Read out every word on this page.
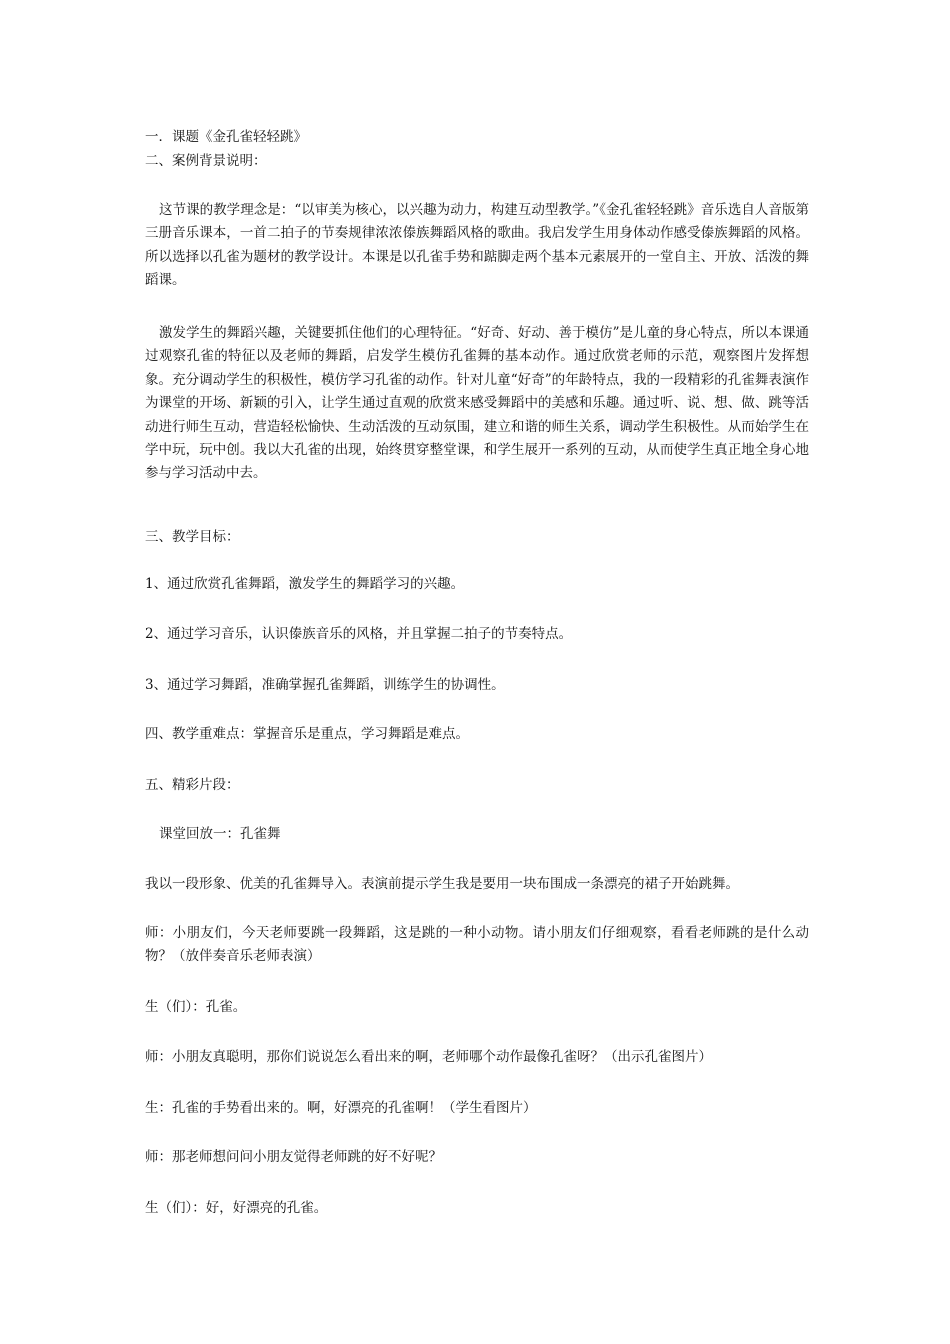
一．课题《金孔雀轻轻跳》
二、案例背景说明：
这节课的教学理念是：“以审美为核心，以兴趣为动力，构建互动型教学。”《金孔雀轻轻跳》音乐选自人音版第三册音乐课本，一首二拍子的节奏规律浓浓傣族舞蹈风格的歌曲。我启发学生用身体动作感受傣族舞蹈的风格。所以选择以孔雀为题材的教学设计。本课是以孔雀手势和踮脚走两个基本元素展开的一堂自主、开放、活泼的舞蹈课。
激发学生的舞蹈兴趣，关键要抓住他们的心理特征。“好奇、好动、善于模仿”是儿童的身心特点，所以本课通过观察孔雀的特征以及老师的舞蹈，启发学生模仿孔雀舞的基本动作。通过欣赏老师的示范，观察图片发挥想象。充分调动学生的积极性，模仿学习孔雀的动作。针对儿童“好奇”的年龄特点，我的一段精彩的孔雀舞表演作为课堂的开场、新颖的引入，让学生通过直观的欣赏来感受舞蹈中的美感和乐趣。通过听、说、想、做、跳等活动进行师生互动，营造轻松愉快、生动活泼的互动氛围，建立和谐的师生关系，调动学生积极性。从而始学生在学中玩，玩中创。我以大孔雀的出现，始终贯穿整堂课，和学生展开一系列的互动，从而使学生真正地全身心地参与学习活动中去。
三、教学目标：
1、通过欣赏孔雀舞蹈，激发学生的舞蹈学习的兴趣。
2、通过学习音乐，认识傣族音乐的风格，并且掌握二拍子的节奏特点。
3、通过学习舞蹈，准确掌握孔雀舞蹈，训练学生的协调性。
四、教学重难点：掌握音乐是重点，学习舞蹈是难点。
五、精彩片段：
课堂回放一：孔雀舞
我以一段形象、优美的孔雀舞导入。表演前提示学生我是要用一块布围成一条漂亮的裙子开始跳舞。
师：小朋友们，今天老师要跳一段舞蹈，这是跳的一种小动物。请小朋友们仔细观察，看看老师跳的是什么动物？（放伴奏音乐老师表演）
生（们）：孔雀。
师：小朋友真聪明，那你们说说怎么看出来的啊，老师哪个动作最像孔雀呀？（出示孔雀图片）
生：孔雀的手势看出来的。啊，好漂亮的孔雀啊！（学生看图片）
师：那老师想问问小朋友觉得老师跳的好不好呢？
生（们）：好，好漂亮的孔雀。
